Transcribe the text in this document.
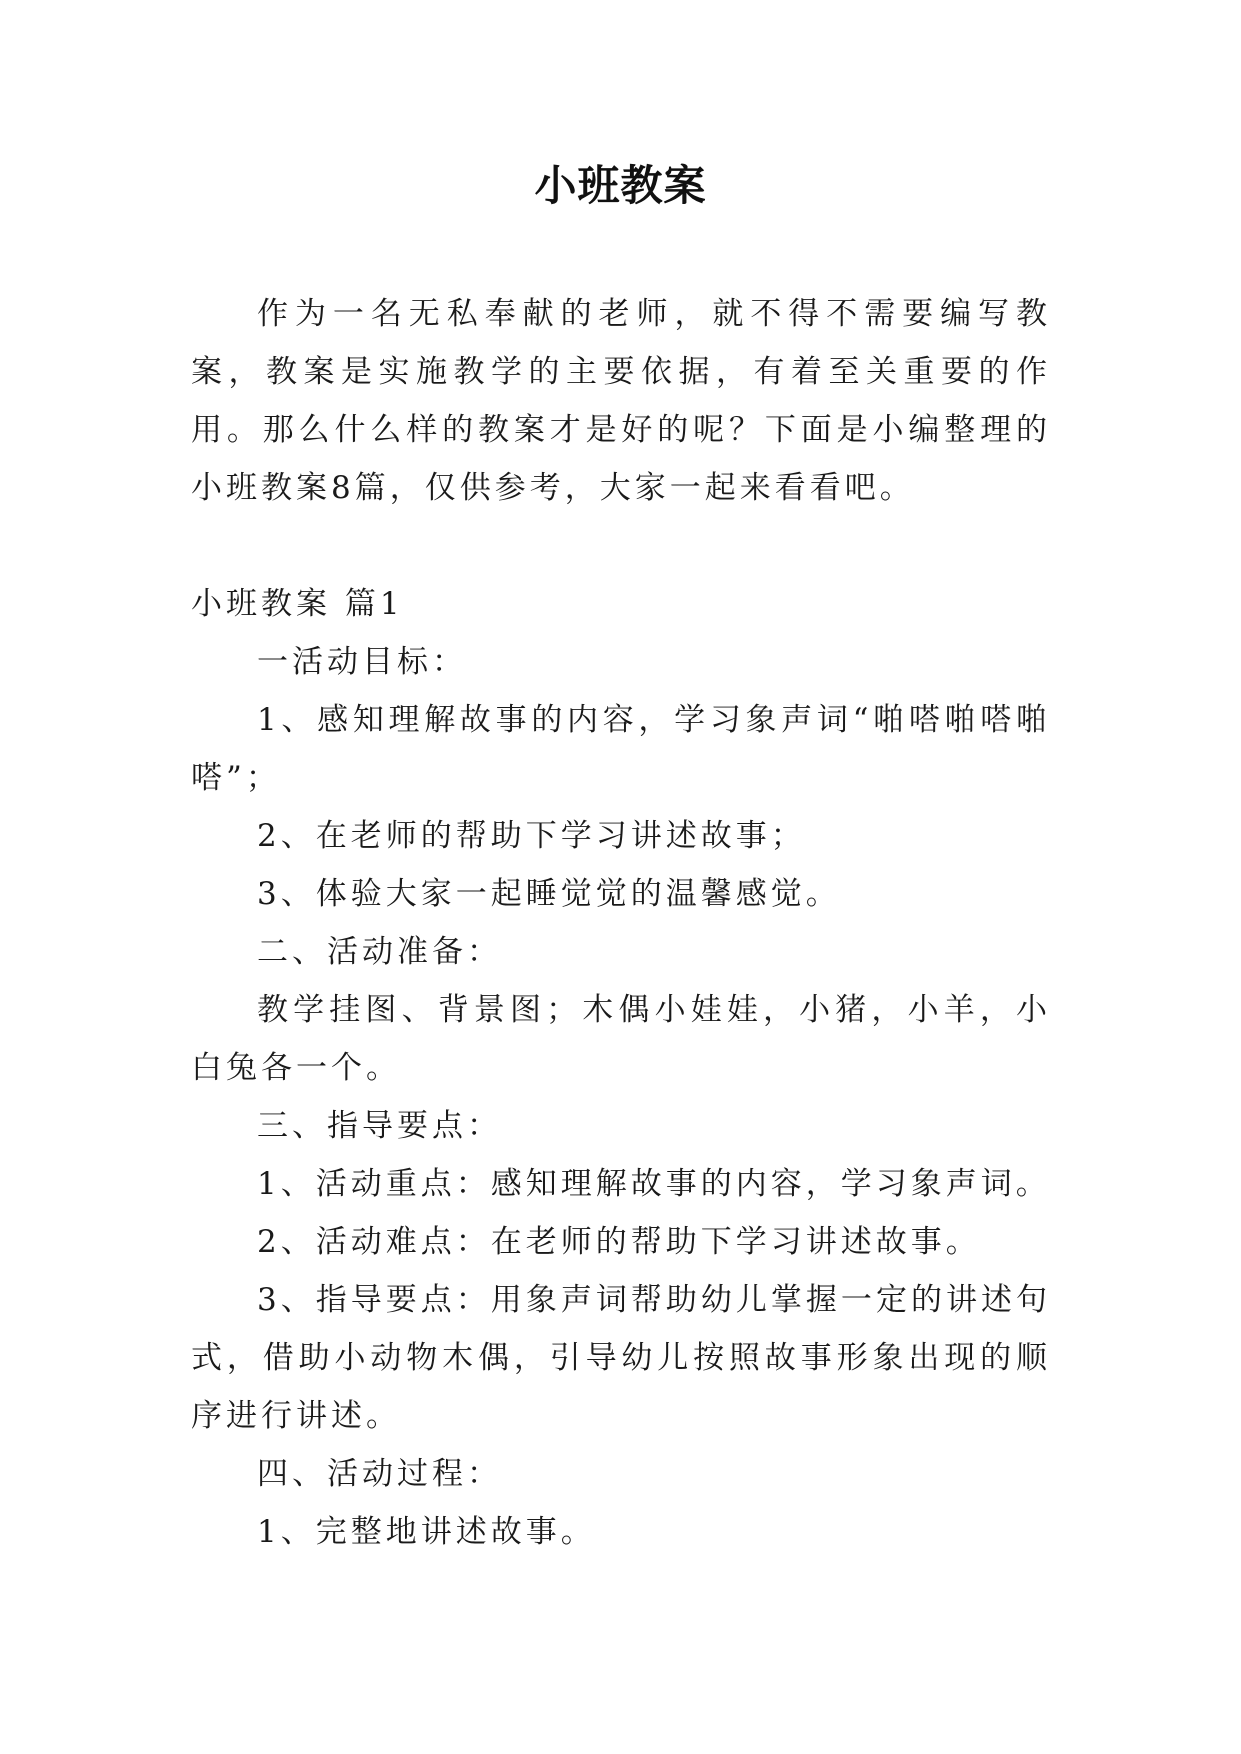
小班教案

作为一名无私奉献的老师，就不得不需要编写教案，教案是实施教学的主要依据，有着至关重要的作用。那么什么样的教案才是好的呢？下面是小编整理的小班教案8篇，仅供参考，大家一起来看看吧。

小班教案 篇1

一活动目标：

1、感知理解故事的内容，学习象声词“啪嗒啪嗒啪嗒”；

2、在老师的帮助下学习讲述故事；

3、体验大家一起睡觉觉的温馨感觉。

二、活动准备：

教学挂图、背景图；木偶小娃娃，小猪，小羊，小白兔各一个。

三、指导要点：

1、活动重点：感知理解故事的内容，学习象声词。

2、活动难点：在老师的帮助下学习讲述故事。

3、指导要点：用象声词帮助幼儿掌握一定的讲述句式，借助小动物木偶，引导幼儿按照故事形象出现的顺序进行讲述。

四、活动过程：

1、完整地讲述故事。
